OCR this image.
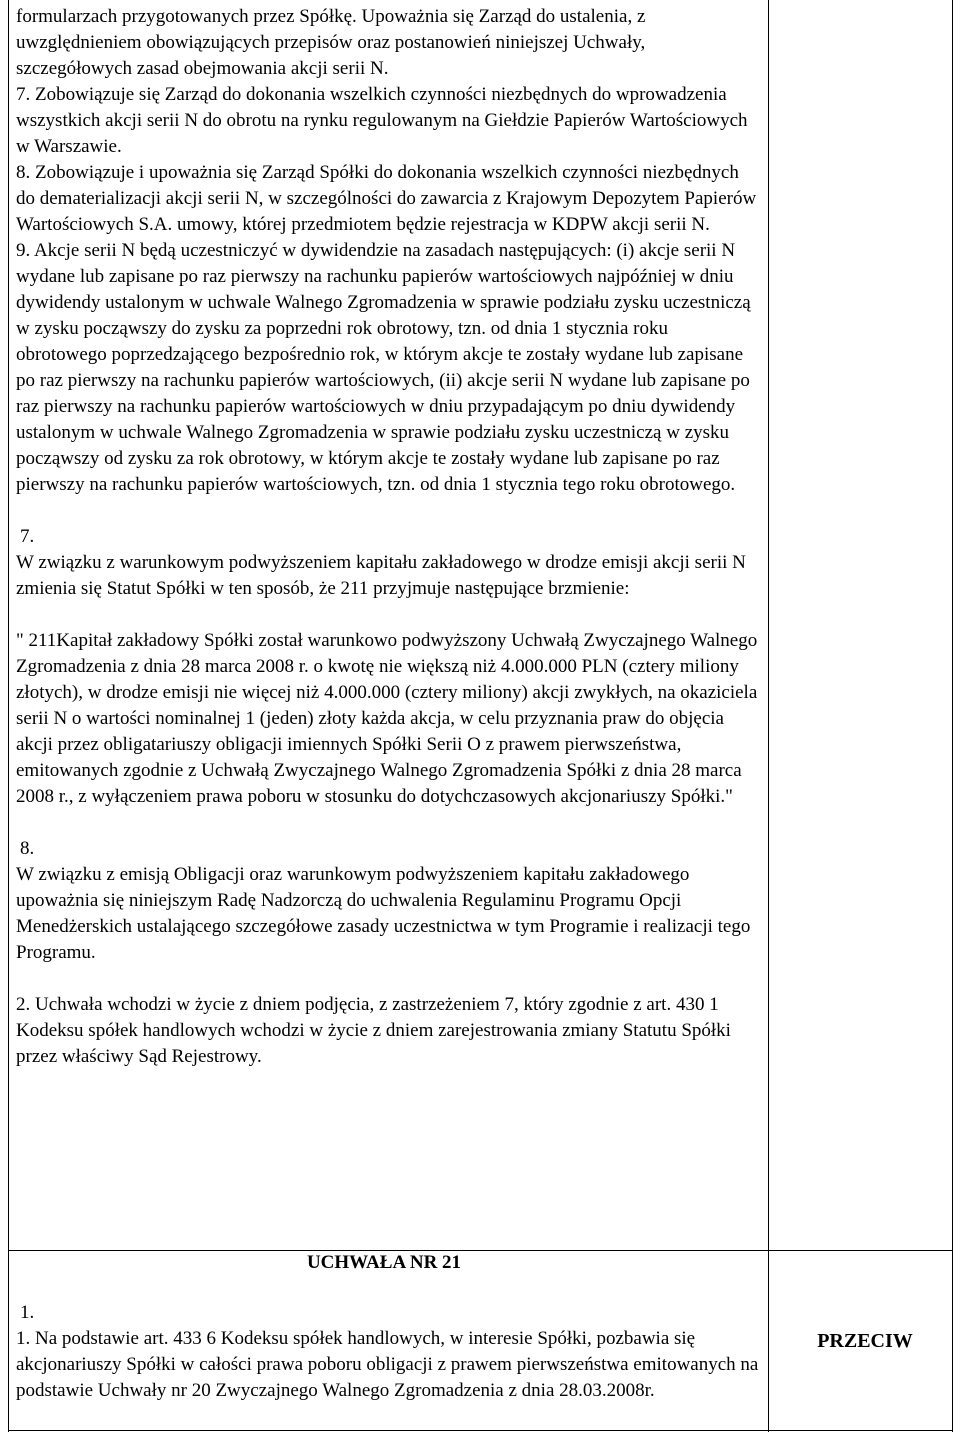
formularzach przygotowanych przez Spółkę. Upoważnia się Zarząd do ustalenia, z uwzględnieniem obowiązujących przepisów oraz postanowień niniejszej Uchwały, szczegółowych zasad obejmowania akcji serii N.

7. Zobowiązuje się Zarząd do dokonania wszelkich czynności niezbędnych do wprowadzenia wszystkich akcji serii N do obrotu na rynku regulowanym na Giełdzie Papierów Wartościowych w Warszawie.

8. Zobowiązuje i upoważnia się Zarząd Spółki do dokonania wszelkich czynności niezbędnych do dematerializacji akcji serii N, w szczególności do zawarcia z Krajowym Depozytem Papierów Wartościowych S.A. umowy, której przedmiotem będzie rejestracja w KDPW akcji serii N.

9. Akcje serii N będą uczestniczyć w dywidendzie na zasadach następujących: (i) akcje serii N wydane lub zapisane po raz pierwszy na rachunku papierów wartościowych najpóźniej w dniu dywidendy ustalonym w uchwale Walnego Zgromadzenia w sprawie podziału zysku uczestniczą w zysku począwszy do zysku za poprzedni rok obrotowy, tzn. od dnia 1 stycznia roku obrotowego poprzedzającego bezpośrednio rok, w którym akcje te zostały wydane lub zapisane po raz pierwszy na rachunku papierów wartościowych, (ii) akcje serii N wydane lub zapisane po raz pierwszy na rachunku papierów wartościowych w dniu przypadającym po dniu dywidendy ustalonym w uchwale Walnego Zgromadzenia w sprawie podziału zysku uczestniczą w zysku począwszy od zysku za rok obrotowy, w którym akcje te zostały wydane lub zapisane po raz pierwszy na rachunku papierów wartościowych, tzn. od dnia 1 stycznia tego roku obrotowego.

7.

W związku z warunkowym podwyższeniem kapitału zakładowego w drodze emisji akcji serii N zmienia się Statut Spółki w ten sposób, że 211 przyjmuje następujące brzmienie:

" 211Kapitał zakładowy Spółki został warunkowo podwyższony Uchwałą Zwyczajnego Walnego Zgromadzenia z dnia 28 marca 2008 r. o kwotę nie większą niż 4.000.000 PLN (cztery miliony złotych), w drodze emisji nie więcej niż 4.000.000 (cztery miliony) akcji zwykłych, na okaziciela serii N o wartości nominalnej 1 (jeden) złoty każda akcja, w celu przyznania praw do objęcia akcji przez obligatariuszy obligacji imiennych Spółki Serii O z prawem pierwszeństwa, emitowanych zgodnie z Uchwałą Zwyczajnego Walnego Zgromadzenia Spółki z dnia 28 marca 2008 r., z wyłączeniem prawa poboru w stosunku do dotychczasowych akcjonariuszy Spółki."

8.

W związku z emisją Obligacji oraz warunkowym podwyższeniem kapitału zakładowego upoważnia się niniejszym Radę Nadzorczą do uchwalenia Regulaminu Programu Opcji Menedżerskich ustalającego szczegółowe zasady uczestnictwa w tym Programie i realizacji tego Programu.

2. Uchwała wchodzi w życie z dniem podjęcia, z zastrzeżeniem 7, który zgodnie z art. 430 1 Kodeksu spółek handlowych wchodzi w życie z dniem zarejestrowania zmiany Statutu Spółki przez właściwy Sąd Rejestrowy.

UCHWAŁA NR 21

1.

1. Na podstawie art. 433 6 Kodeksu spółek handlowych, w interesie Spółki, pozbawia się akcjonariuszy Spółki w całości prawa poboru obligacji z prawem pierwszeństwa emitowanych na podstawie Uchwały nr 20 Zwyczajnego Walnego Zgromadzenia z dnia 28.03.2008r.

PRZECIW
